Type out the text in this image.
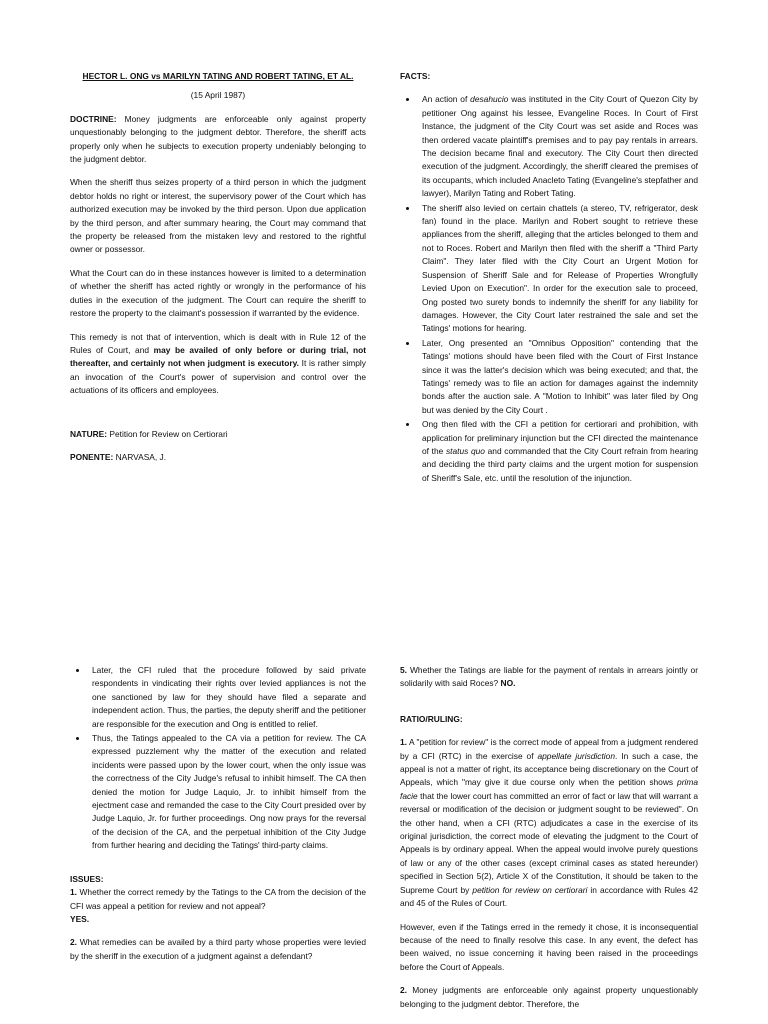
HECTOR L. ONG vs MARILYN TATING AND ROBERT TATING, ET AL.

(15 April 1987)

DOCTRINE: Money judgments are enforceable only against property unquestionably belonging to the judgment debtor. Therefore, the sheriff acts properly only when he subjects to execution property undeniably belonging to the judgment debtor.

When the sheriff thus seizes property of a third person in which the judgment debtor holds no right or interest, the supervisory power of the Court which has authorized execution may be invoked by the third person. Upon due application by the third person, and after summary hearing, the Court may command that the property be released from the mistaken levy and restored to the rightful owner or possessor.

What the Court can do in these instances however is limited to a determination of whether the sheriff has acted rightly or wrongly in the performance of his duties in the execution of the judgment. The Court can require the sheriff to restore the property to the claimant's possession if warranted by the evidence.

This remedy is not that of intervention, which is dealt with in Rule 12 of the Rules of Court, and may be availed of only before or during trial, not thereafter, and certainly not when judgment is executory. It is rather simply an invocation of the Court's power of supervision and control over the actuations of its officers and employees.

NATURE: Petition for Review on Certiorari

PONENTE: NARVASA, J.

FACTS:

• An action of desahucio was instituted in the City Court of Quezon City by petitioner Ong against his lessee, Evangeline Roces. In Court of First Instance, the judgment of the City Court was set aside and Roces was then ordered vacate plaintiff's premises and to pay pay rentals in arrears. The decision became final and executory. The City Court then directed execution of the judgment. Accordingly, the sheriff cleared the premises of its occupants, which included Anacleto Tating (Evangeline's stepfather and lawyer), Marilyn Tating and Robert Tating.
• The sheriff also levied on certain chattels (a stereo, TV, refrigerator, desk fan) found in the place. Marilyn and Robert sought to retrieve these appliances from the sheriff, alleging that the articles belonged to them and not to Roces. Robert and Marilyn then filed with the sheriff a "Third Party Claim". They later filed with the City Court an Urgent Motion for Suspension of Sheriff Sale and for Release of Properties Wrongfully Levied Upon on Execution". In order for the execution sale to proceed, Ong posted two surety bonds to indemnify the sheriff for any liability for damages. However, the City Court later restrained the sale and set the Tatings' motions for hearing.
• Later, Ong presented an "Omnibus Opposition" contending that the Tatings' motions should have been filed with the Court of First Instance since it was the latter's decision which was being executed; and that, the Tatings' remedy was to file an action for damages against the indemnity bonds after the auction sale. A "Motion to Inhibit" was later filed by Ong but was denied by the City Court .
• Ong then filed with the CFI a petition for certiorari and prohibition, with application for preliminary injunction but the CFI directed the maintenance of the status quo and commanded that the City Court refrain from hearing and deciding the third party claims and the urgent motion for suspension of Sheriff's Sale, etc. until the resolution of the injunction.
• Later, the CFI ruled that the procedure followed by said private respondents in vindicating their rights over levied appliances is not the one sanctioned by law for they should have filed a separate and independent action. Thus, the parties, the deputy sheriff and the petitioner are responsible for the execution and Ong is entitled to relief.
• Thus, the Tatings appealed to the CA via a petition for review. The CA expressed puzzlement why the matter of the execution and related incidents were passed upon by the lower court, when the only issue was the correctness of the City Judge's refusal to inhibit himself. The CA then denied the motion for Judge Laquio, Jr. to inhibit himself from the ejectment case and remanded the case to the City Court presided over by Judge Laquio, Jr. for further proceedings. Ong now prays for the reversal of the decision of the CA, and the perpetual inhibition of the City Judge from further hearing and deciding the Tatings' third-party claims.

ISSUES:

1. Whether the correct remedy by the Tatings to the CA from the decision of the CFI was appeal a petition for review and not appeal?
YES.

2. What remedies can be availed by a third party whose properties were levied by the sheriff in the execution of a judgment against a defendant?

5. Whether the Tatings are liable for the payment of rentals in arrears jointly or solidarily with said Roces? NO.

RATIO/RULING:

1. A "petition for review" is the correct mode of appeal from a judgment rendered by a CFI (RTC) in the exercise of appellate jurisdiction. In such a case, the appeal is not a matter of right, its acceptance being discretionary on the Court of Appeals, which "may give it due course only when the petition shows prima facie that the lower court has committed an error of fact or law that will warrant a reversal or modification of the decision or judgment sought to be reviewed". On the other hand, when a CFI (RTC) adjudicates a case in the exercise of its original jurisdiction, the correct mode of elevating the judgment to the Court of Appeals is by ordinary appeal. When the appeal would involve purely questions of law or any of the other cases (except criminal cases as stated hereunder) specified in Section 5(2), Article X of the Constitution, it should be taken to the Supreme Court by petition for review on certiorari in accordance with Rules 42 and 45 of the Rules of Court.

However, even if the Tatings erred in the remedy it chose, it is inconsequential because of the need to finally resolve this case. In any event, the defect has been waived, no issue concerning it having been raised in the proceedings before the Court of Appeals.

2. Money judgments are enforceable only against property unquestionably belonging to the judgment debtor. Therefore, the
